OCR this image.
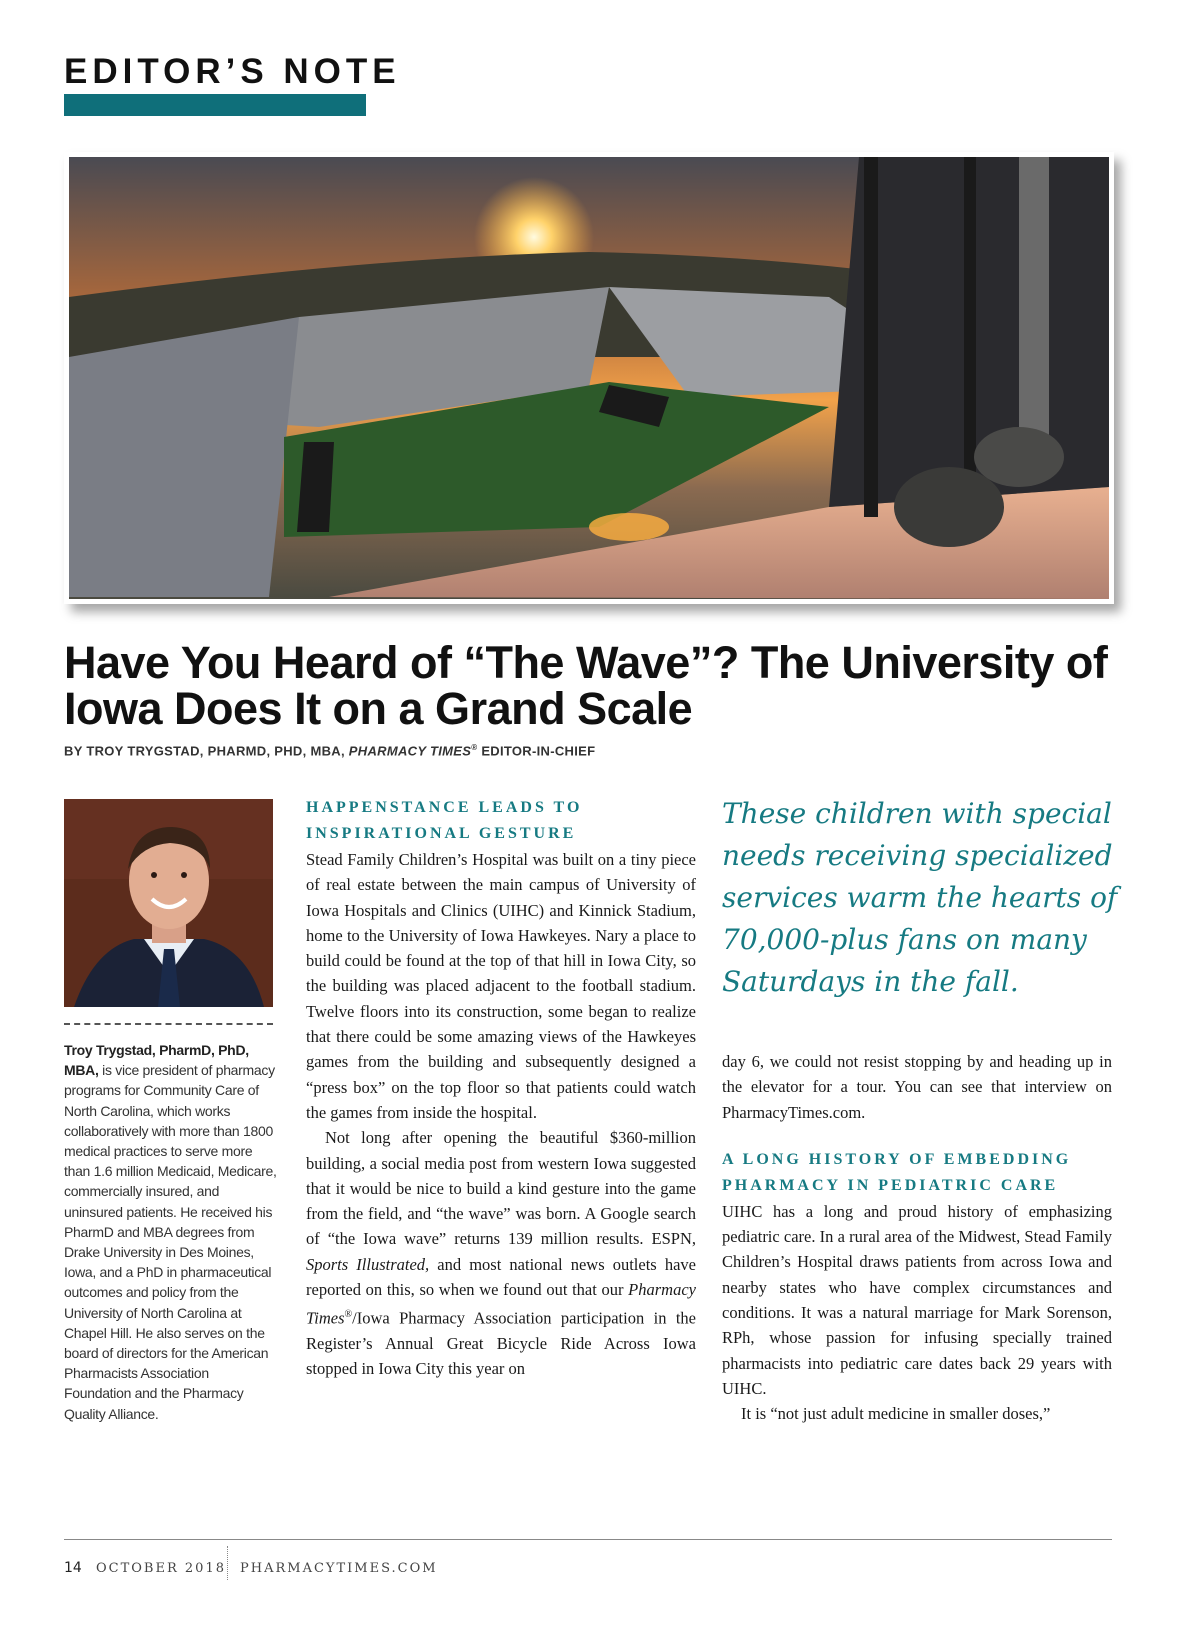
EDITOR’S NOTE
Have You Heard of “The Wave”? The University of Iowa Does It on a Grand Scale
BY TROY TRYGSTAD, PHARMD, PHD, MBA, PHARMACY TIMES® EDITOR-IN-CHIEF
Troy Trygstad, PharmD, PhD, MBA, is vice president of pharmacy programs for Community Care of North Carolina, which works collaboratively with more than 1800 medical practices to serve more than 1.6 million Medicaid, Medicare, commercially insured, and uninsured patients. He received his PharmD and MBA degrees from Drake University in Des Moines, Iowa, and a PhD in pharmaceutical outcomes and policy from the University of North Carolina at Chapel Hill. He also serves on the board of directors for the American Pharmacists Association Foundation and the Pharmacy Quality Alliance.
HAPPENSTANCE LEADS TO INSPIRATIONAL GESTURE

Stead Family Children’s Hospital was built on a tiny piece of real estate between the main campus of University of Iowa Hospitals and Clinics (UIHC) and Kinnick Stadium, home to the University of Iowa Hawkeyes. Nary a place to build could be found at the top of that hill in Iowa City, so the building was placed adjacent to the football stadium. Twelve floors into its construction, some began to realize that there could be some amazing views of the Hawkeyes games from the building and subsequently designed a “press box” on the top floor so that patients could watch the games from inside the hospital.

Not long after opening the beautiful $360-million building, a social media post from western Iowa suggested that it would be nice to build a kind gesture into the game from the field, and “the wave” was born. A Google search of “the Iowa wave” returns 139 million results. ESPN, Sports Illustrated, and most national news outlets have reported on this, so when we found out that our Pharmacy Times®/Iowa Pharmacy Association participation in the Register’s Annual Great Bicycle Ride Across Iowa stopped in Iowa City this year on

These children with special needs receiving specialized services warm the hearts of 70,000-plus fans on many Saturdays in the fall.

day 6, we could not resist stopping by and heading up in the elevator for a tour. You can see that interview on PharmacyTimes.com.

A LONG HISTORY OF EMBEDDING PHARMACY IN PEDIATRIC CARE

UIHC has a long and proud history of emphasizing pediatric care. In a rural area of the Midwest, Stead Family Children’s Hospital draws patients from across Iowa and nearby states who have complex circumstances and conditions. It was a natural marriage for Mark Sorenson, RPh, whose passion for infusing specially trained pharmacists into pediatric care dates back 29 years with UIHC.

It is “not just adult medicine in smaller doses,”

14 OCTOBER 2018 PHARMACYTIMES.COM
